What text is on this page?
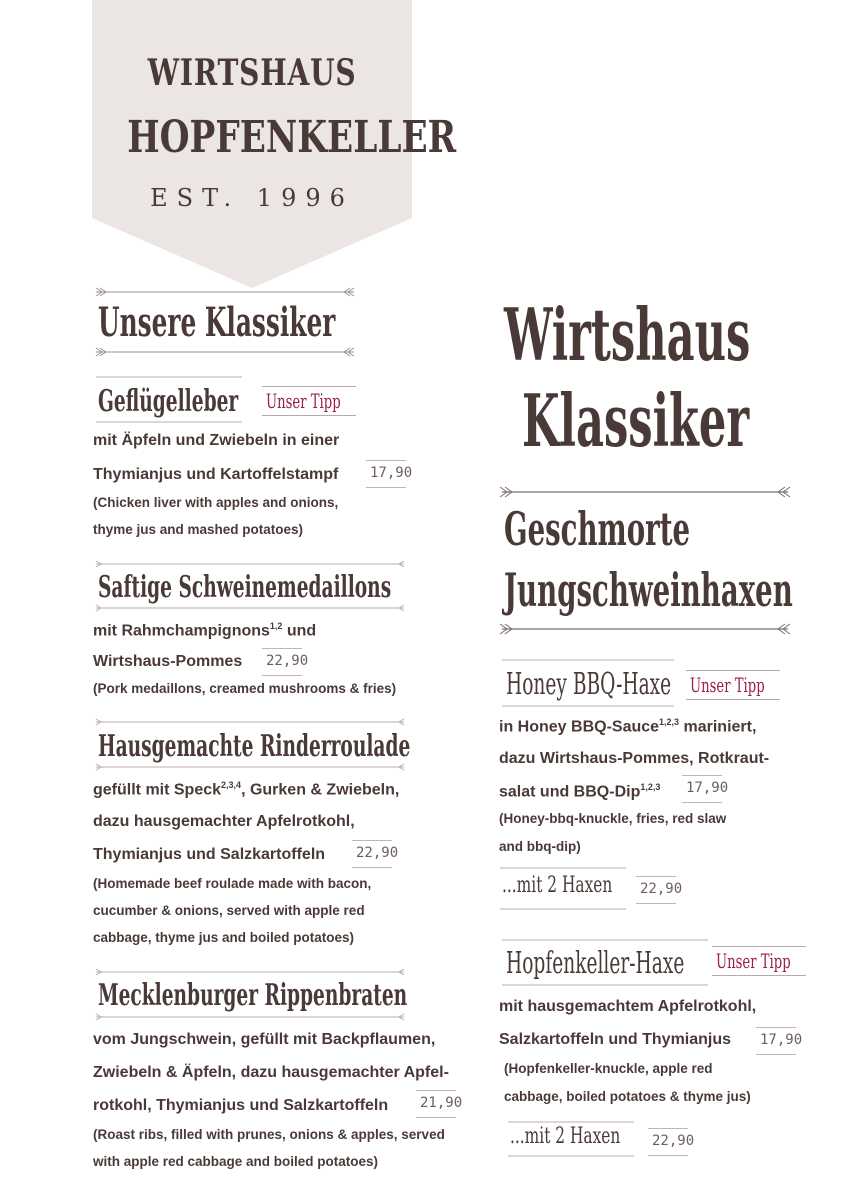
WIRTSHAUS
HOPFENKELLER
EST. 1996
Unsere Klassiker
Geflügelleber Unser Tipp
mit Äpfeln und Zwiebeln in einer
Thymianjus und Kartoffelstampf 17,90
(Chicken liver with apples and onions,
thyme jus and mashed potatoes)
Saftige Schweinemedaillons
mit Rahmchampignons$^{1,2}$ und
Wirtshaus-Pommes 22,90
(Pork medaillons, creamed mushrooms & fries)
Hausgemachte Rinderroulade
gefüllt mit Speck$^{2,3,4}$, Gurken & Zwiebeln,
dazu hausgemachter Apfelrotkohl,
Thymianjus und Salzkartoffeln 22,90
(Homemade beef roulade made with bacon,
cucumber & onions, served with apple red
cabbage, thyme jus and boiled potatoes)
Mecklenburger Rippenbraten
vom Jungschwein, gefüllt mit Backpflaumen,
Zwiebeln & Äpfeln, dazu hausgemachter Apfel-
rotkohl, Thymianjus und Salzkartoffeln 21,90
(Roast ribs, filled with prunes, onions & apples, served
with apple red cabbage and boiled potatoes)
Wirtshaus
Klassiker
Geschmorte
Jungschweinhaxen
Honey BBQ-Haxe Unser Tipp
in Honey BBQ-Sauce$^{1,2,3}$ mariniert,
dazu Wirtshaus-Pommes, Rotkraut-
salat und BBQ-Dip$^{1,2,3}$ 17,90
(Honey-bbq-knuckle, fries, red slaw
and bbq-dip)
...mit 2 Haxen 22,90
Hopfenkeller-Haxe Unser Tipp
mit hausgemachtem Apfelrotkohl,
Salzkartoffeln und Thymianjus 17,90
(Hopfenkeller-knuckle, apple red
cabbage, boiled potatoes & thyme jus)
...mit 2 Haxen 22,90
